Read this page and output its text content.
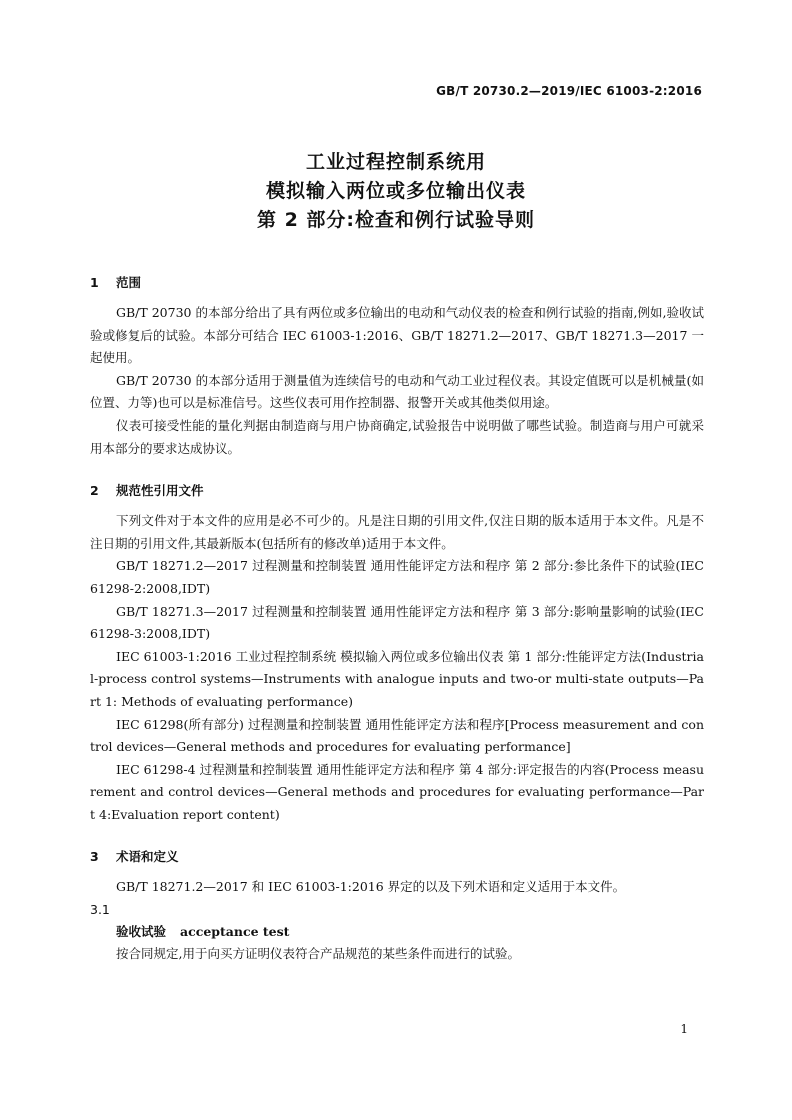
GB/T 20730.2—2019/IEC 61003-2:2016
工业过程控制系统用
模拟输入两位或多位输出仪表
第 2 部分:检查和例行试验导则
1 范围

GB/T 20730 的本部分给出了具有两位或多位输出的电动和气动仪表的检查和例行试验的指南,例如,验收试验或修复后的试验。本部分可结合 IEC 61003-1:2016、GB/T 18271.2—2017、GB/T 18271.3—2017 一起使用。

GB/T 20730 的本部分适用于测量值为连续信号的电动和气动工业过程仪表。其设定值既可以是机械量(如位置、力等)也可以是标准信号。这些仪表可用作控制器、报警开关或其他类似用途。

仪表可接受性能的量化判据由制造商与用户协商确定,试验报告中说明做了哪些试验。制造商与用户可就采用本部分的要求达成协议。

2 规范性引用文件

下列文件对于本文件的应用是必不可少的。凡是注日期的引用文件,仅注日期的版本适用于本文件。凡是不注日期的引用文件,其最新版本(包括所有的修改单)适用于本文件。

GB/T 18271.2—2017 过程测量和控制装置 通用性能评定方法和程序 第 2 部分:参比条件下的试验(IEC 61298-2:2008,IDT)

GB/T 18271.3—2017 过程测量和控制装置 通用性能评定方法和程序 第 3 部分:影响量影响的试验(IEC 61298-3:2008,IDT)

IEC 61003-1:2016 工业过程控制系统 模拟输入两位或多位输出仪表 第 1 部分:性能评定方法(Industrial-process control systems—Instruments with analogue inputs and two-or multi-state outputs—Part 1: Methods of evaluating performance)

IEC 61298(所有部分) 过程测量和控制装置 通用性能评定方法和程序[Process measurement and control devices—General methods and procedures for evaluating performance]

IEC 61298-4 过程测量和控制装置 通用性能评定方法和程序 第 4 部分:评定报告的内容(Process measurement and control devices—General methods and procedures for evaluating performance—Part 4:Evaluation report content)

3 术语和定义

GB/T 18271.2—2017 和 IEC 61003-1:2016 界定的以及下列术语和定义适用于本文件。

3.1
验收试验 acceptance test

按合同规定,用于向买方证明仪表符合产品规范的某些条件而进行的试验。

1
